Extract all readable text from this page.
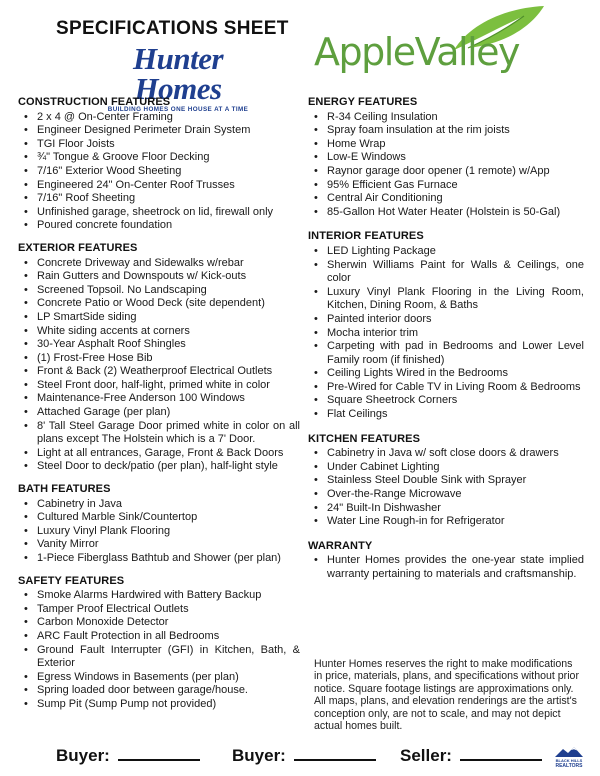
SPECIFICATIONS SHEET
Hunter Homes
BUILDING HOMES ONE HOUSE AT A TIME
AppleValley
CONSTRUCTION FEATURES
• 2 x 4 @ On-Center Framing
• Engineer Designed Perimeter Drain System
• TGI Floor Joists
• ¾" Tongue & Groove Floor Decking
• 7/16" Exterior Wood Sheeting
• Engineered 24" On-Center Roof Trusses
• 7/16" Roof Sheeting
• Unfinished garage, sheetrock on lid, firewall only
• Poured concrete foundation
EXTERIOR FEATURES
• Concrete Driveway and Sidewalks w/rebar
• Rain Gutters and Downspouts w/ Kick-outs
• Screened Topsoil. No Landscaping
• Concrete Patio or Wood Deck (site dependent)
• LP SmartSide siding
• White siding accents at corners
• 30-Year Asphalt Roof Shingles
• (1) Frost-Free Hose Bib
• Front & Back (2) Weatherproof Electrical Outlets
• Steel Front door, half-light, primed white in color
• Maintenance-Free Anderson 100 Windows
• Attached Garage (per plan)
• 8' Tall Steel Garage Door primed white in color on all plans except The Holstein which is a 7' Door.
• Light at all entrances, Garage, Front & Back Doors
• Steel Door to deck/patio (per plan), half-light style
BATH FEATURES
• Cabinetry in Java
• Cultured Marble Sink/Countertop
• Luxury Vinyl Plank Flooring
• Vanity Mirror
• 1-Piece Fiberglass Bathtub and Shower (per plan)
SAFETY FEATURES
• Smoke Alarms Hardwired with Battery Backup
• Tamper Proof Electrical Outlets
• Carbon Monoxide Detector
• ARC Fault Protection in all Bedrooms
• Ground Fault Interrupter (GFI) in Kitchen, Bath, & Exterior
• Egress Windows in Basements (per plan)
• Spring loaded door between garage/house.
• Sump Pit (Sump Pump not provided)
ENERGY FEATURES
• R-34 Ceiling Insulation
• Spray foam insulation at the rim joists
• Home Wrap
• Low-E Windows
• Raynor garage door opener (1 remote) w/App
• 95% Efficient Gas Furnace
• Central Air Conditioning
• 85-Gallon Hot Water Heater (Holstein is 50-Gal)
INTERIOR FEATURES
• LED Lighting Package
• Sherwin Williams Paint for Walls & Ceilings, one color
• Luxury Vinyl Plank Flooring in the Living Room, Kitchen, Dining Room, & Baths
• Painted interior doors
• Mocha interior trim
• Carpeting with pad in Bedrooms and Lower Level Family room (if finished)
• Ceiling Lights Wired in the Bedrooms
• Pre-Wired for Cable TV in Living Room & Bedrooms
• Square Sheetrock Corners
• Flat Ceilings
KITCHEN FEATURES
• Cabinetry in Java w/ soft close doors & drawers
• Under Cabinet Lighting
• Stainless Steel Double Sink with Sprayer
• Over-the-Range Microwave
• 24" Built-In Dishwasher
• Water Line Rough-in for Refrigerator
WARRANTY
• Hunter Homes provides the one-year state implied warranty pertaining to materials and craftsmanship.
Hunter Homes reserves the right to make modifications in price, materials, plans, and specifications without prior notice. Square footage listings are approximations only. All maps, plans, and elevation renderings are the artist's conception only, are not to scale, and may not depict actual homes built.
Buyer:	Buyer:	Seller:	BLACK HILLS
REALTORS
